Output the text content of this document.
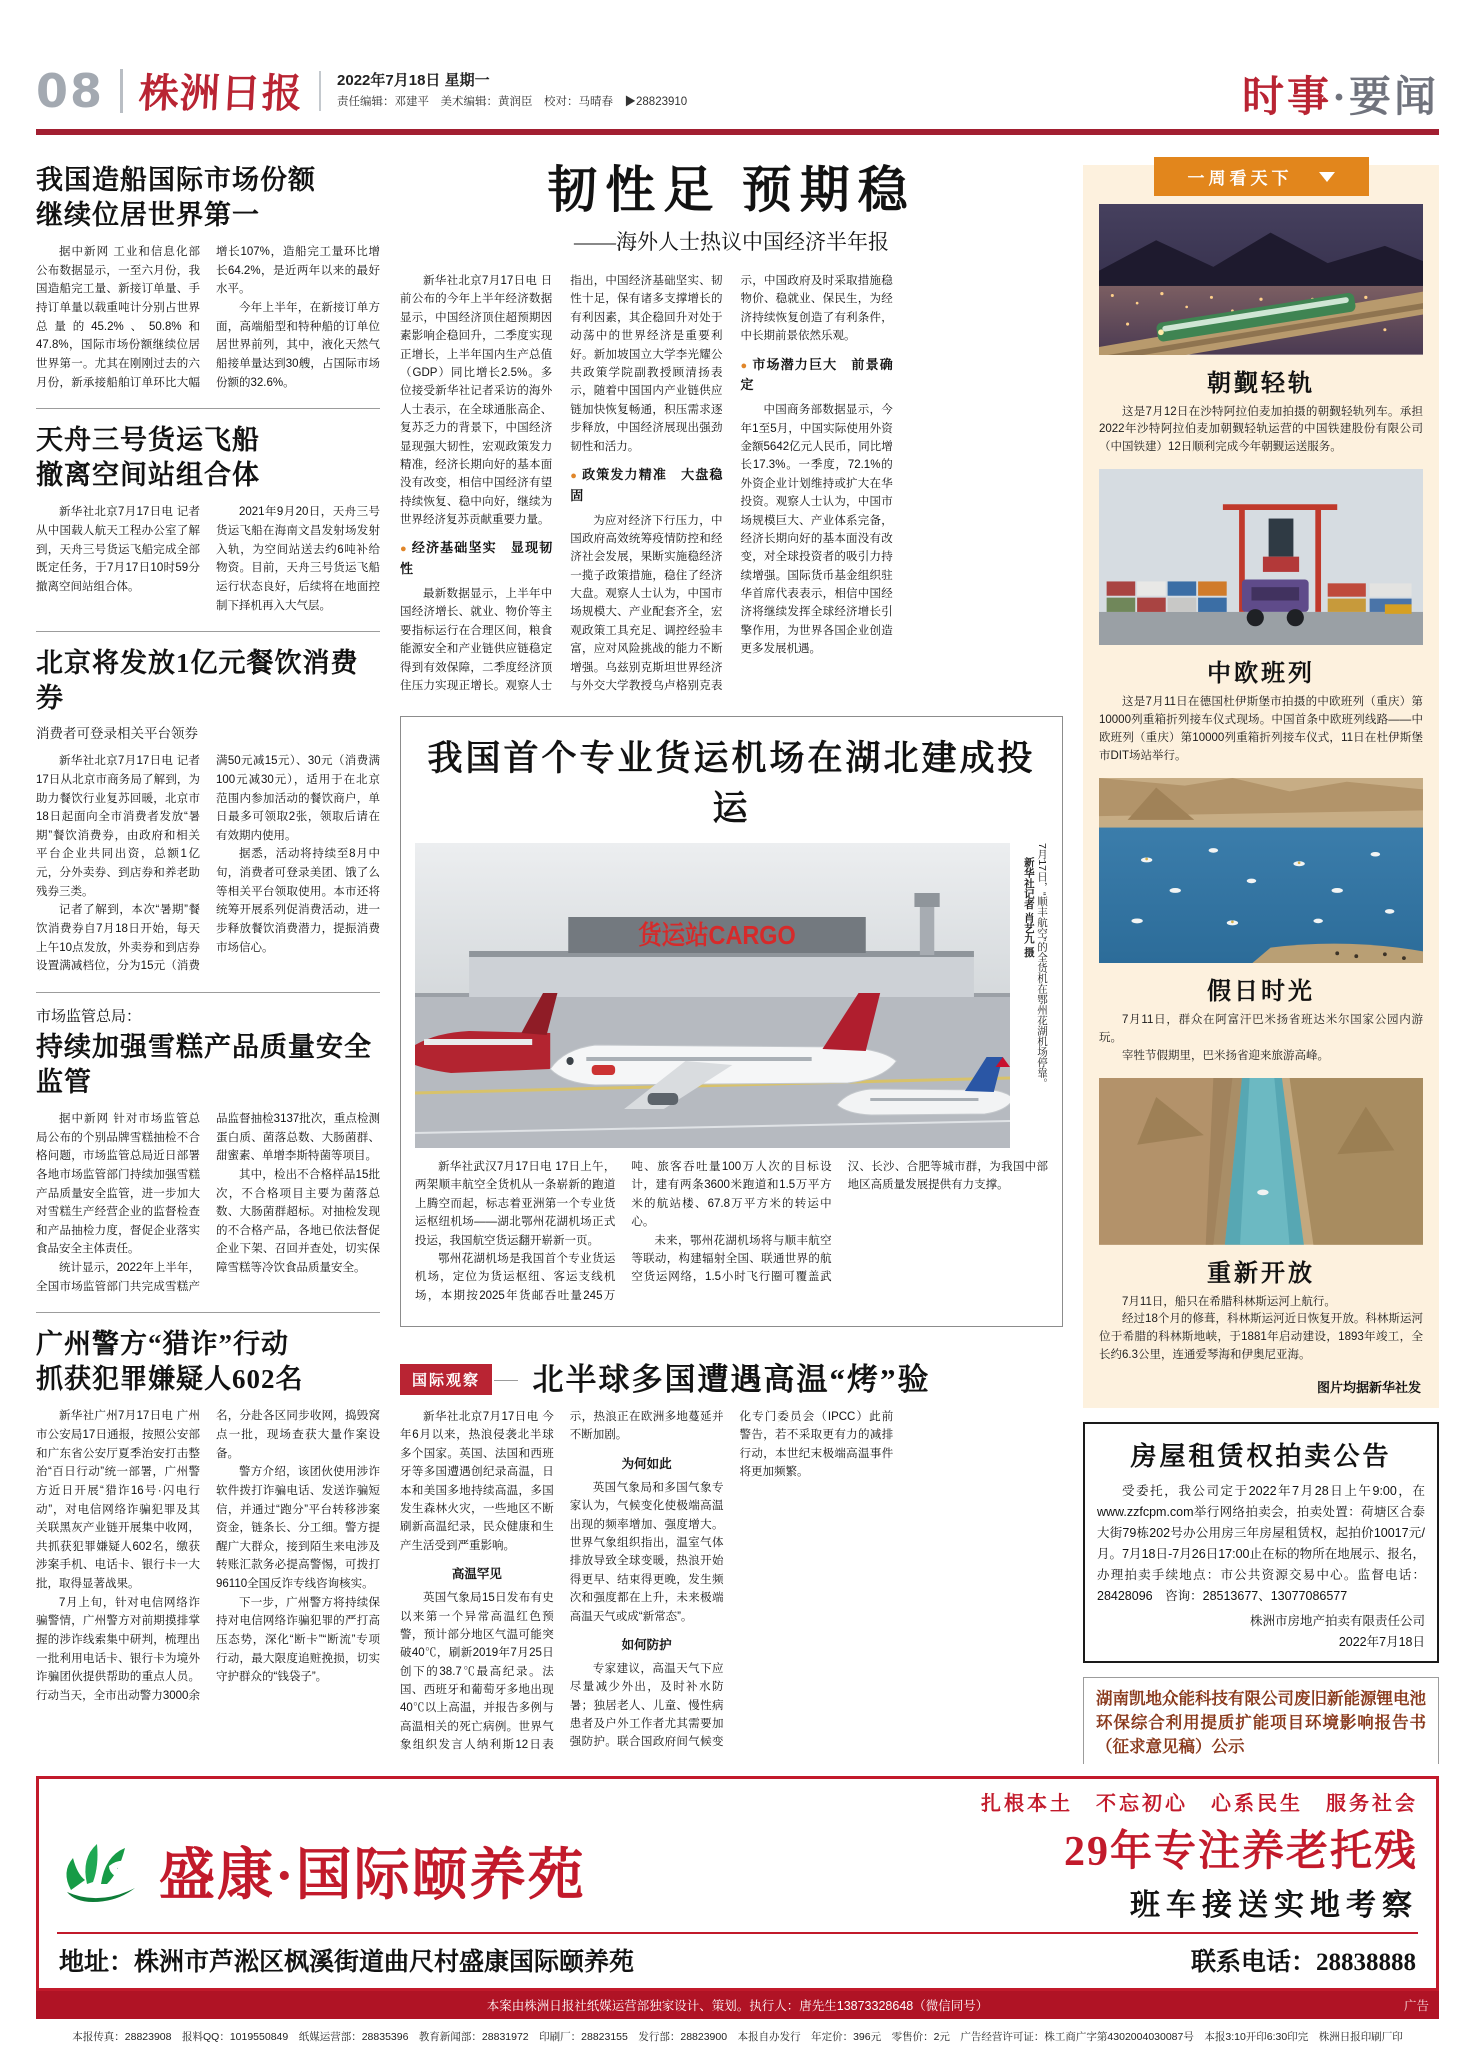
08 株洲日报 2022年7月18日 星期一
责任编辑：邓建平　美术编辑：黄润臣　校对：马晴春　▶28823910	时事·要闻
我国造船国际市场份额
继续位居世界第一

据中新网 工业和信息化部公布数据显示，一至六月份，我国造船完工量、新接订单量、手持订单量以载重吨计分别占世界总量的45.2%、50.8%和47.8%，国际市场份额继续位居世界第一。尤其在刚刚过去的六月份，新承接船舶订单环比大幅增长107%，造船完工量环比增长64.2%，是近两年以来的最好水平。

今年上半年，在新接订单方面，高端船型和特种船的订单位居世界前列，其中，液化天然气船接单量达到30艘，占国际市场份额的32.6%。

天舟三号货运飞船
撤离空间站组合体

新华社北京7月17日电 记者从中国载人航天工程办公室了解到，天舟三号货运飞船完成全部既定任务，于7月17日10时59分撤离空间站组合体。

2021年9月20日，天舟三号货运飞船在海南文昌发射场发射入轨，为空间站送去约6吨补给物资。目前，天舟三号货运飞船运行状态良好，后续将在地面控制下择机再入大气层。

北京将发放1亿元餐饮消费券
消费者可登录相关平台领券

新华社北京7月17日电 记者17日从北京市商务局了解到，为助力餐饮行业复苏回暖，北京市18日起面向全市消费者发放“暑期”餐饮消费券，由政府和相关平台企业共同出资，总额1亿元，分外卖券、到店券和养老助残券三类。

记者了解到，本次“暑期”餐饮消费券自7月18日开始，每天上午10点发放，外卖券和到店券设置满减档位，分为15元（消费满50元减15元）、30元（消费满100元减30元），适用于在北京范围内参加活动的餐饮商户，单日最多可领取2张，领取后请在有效期内使用。

据悉，活动将持续至8月中旬，消费者可登录美团、饿了么等相关平台领取使用。本市还将统筹开展系列促消费活动，进一步释放餐饮消费潜力，提振消费市场信心。

市场监管总局：
持续加强雪糕产品质量安全监管

据中新网 针对市场监管总局公布的个别品牌雪糕抽检不合格问题，市场监管总局近日部署各地市场监管部门持续加强雪糕产品质量安全监管，进一步加大对雪糕生产经营企业的监督检查和产品抽检力度，督促企业落实食品安全主体责任。

统计显示，2022年上半年，全国市场监管部门共完成雪糕产品监督抽检3137批次，重点检测蛋白质、菌落总数、大肠菌群、甜蜜素、单增李斯特菌等项目。

其中，检出不合格样品15批次，不合格项目主要为菌落总数、大肠菌群超标。对抽检发现的不合格产品，各地已依法督促企业下架、召回并查处，切实保障雪糕等冷饮食品质量安全。

广州警方“猎诈”行动
抓获犯罪嫌疑人602名

新华社广州7月17日电 广州市公安局17日通报，按照公安部和广东省公安厅夏季治安打击整治“百日行动”统一部署，广州警方近日开展“猎诈16号·闪电行动”，对电信网络诈骗犯罪及其关联黑灰产业链开展集中收网，共抓获犯罪嫌疑人602名，缴获涉案手机、电话卡、银行卡一大批，取得显著战果。

7月上旬，针对电信网络诈骗警情，广州警方对前期摸排掌握的涉诈线索集中研判，梳理出一批利用电话卡、银行卡为境外诈骗团伙提供帮助的重点人员。行动当天，全市出动警力3000余名，分赴各区同步收网，捣毁窝点一批，现场查获大量作案设备。

警方介绍，该团伙使用涉诈软件拨打诈骗电话、发送诈骗短信，并通过“跑分”平台转移涉案资金，链条长、分工细。警方提醒广大群众，接到陌生来电涉及转账汇款务必提高警惕，可拨打96110全国反诈专线咨询核实。

下一步，广州警方将持续保持对电信网络诈骗犯罪的严打高压态势，深化“断卡”“断流”专项行动，最大限度追赃挽损，切实守护群众的“钱袋子”。

韧性足 预期稳
——海外人士热议中国经济半年报

新华社北京7月17日电 日前公布的今年上半年经济数据显示，中国经济顶住超预期因素影响企稳回升，二季度实现正增长，上半年国内生产总值（GDP）同比增长2.5%。多位接受新华社记者采访的海外人士表示，在全球通胀高企、复苏乏力的背景下，中国经济显现强大韧性，宏观政策发力精准，经济长期向好的基本面没有改变，相信中国经济有望持续恢复、稳中向好，继续为世界经济复苏贡献重要力量。

● 经济基础坚实　显现韧性

最新数据显示，上半年中国经济增长、就业、物价等主要指标运行在合理区间，粮食能源安全和产业链供应链稳定得到有效保障，二季度经济顶住压力实现正增长。观察人士指出，中国经济基础坚实、韧性十足，保有诸多支撑增长的有利因素，其企稳回升对处于动荡中的世界经济是重要利好。新加坡国立大学李光耀公共政策学院副教授顾清扬表示，随着中国国内产业链供应链加快恢复畅通，积压需求逐步释放，中国经济展现出强劲韧性和活力。

● 政策发力精准　大盘稳固

为应对经济下行压力，中国政府高效统筹疫情防控和经济社会发展，果断实施稳经济一揽子政策措施，稳住了经济大盘。观察人士认为，中国市场规模大、产业配套齐全，宏观政策工具充足、调控经验丰富，应对风险挑战的能力不断增强。乌兹别克斯坦世界经济与外交大学教授乌卢格别克表示，中国政府及时采取措施稳物价、稳就业、保民生，为经济持续恢复创造了有利条件，中长期前景依然乐观。

● 市场潜力巨大　前景确定

中国商务部数据显示，今年1至5月，中国实际使用外资金额5642亿元人民币，同比增长17.3%。一季度，72.1%的外资企业计划维持或扩大在华投资。观察人士认为，中国市场规模巨大、产业体系完备，经济长期向好的基本面没有改变，对全球投资者的吸引力持续增强。国际货币基金组织驻华首席代表表示，相信中国经济将继续发挥全球经济增长引擎作用，为世界各国企业创造更多发展机遇。

我国首个专业货运机场在湖北建成投运
货运站CARGO	7月17日，“顺丰航空”的全货机在鄂州花湖机场停靠。
新华社记者 肖艺九 摄

新华社武汉7月17日电 17日上午，两架顺丰航空全货机从一条崭新的跑道上腾空而起，标志着亚洲第一个专业货运枢纽机场——湖北鄂州花湖机场正式投运，我国航空货运翻开崭新一页。

鄂州花湖机场是我国首个专业货运机场，定位为货运枢纽、客运支线机场，本期按2025年货邮吞吐量245万吨、旅客吞吐量100万人次的目标设计，建有两条3600米跑道和1.5万平方米的航站楼、67.8万平方米的转运中心。

未来，鄂州花湖机场将与顺丰航空等联动，构建辐射全国、联通世界的航空货运网络，1.5小时飞行圈可覆盖武汉、长沙、合肥等城市群，为我国中部地区高质量发展提供有力支撑。

国际观察	北半球多国遭遇高温“烤”验

新华社北京7月17日电 今年6月以来，热浪侵袭北半球多个国家。英国、法国和西班牙等多国遭遇创纪录高温，日本和美国多地持续高温，多国发生森林火灾，一些地区不断刷新高温纪录，民众健康和生产生活受到严重影响。

高温罕见

英国气象局15日发布有史以来第一个异常高温红色预警，预计部分地区气温可能突破40℃，刷新2019年7月25日创下的38.7℃最高纪录。法国、西班牙和葡萄牙多地出现40℃以上高温，并报告多例与高温相关的死亡病例。世界气象组织发言人纳利斯12日表示，热浪正在欧洲多地蔓延并不断加剧。

为何如此

英国气象局和多国气象专家认为，气候变化使极端高温出现的频率增加、强度增大。世界气象组织指出，温室气体排放导致全球变暖，热浪开始得更早、结束得更晚，发生频次和强度都在上升，未来极端高温天气或成“新常态”。

如何防护

专家建议，高温天气下应尽量减少外出，及时补水防暑；独居老人、儿童、慢性病患者及户外工作者尤其需要加强防护。联合国政府间气候变化专门委员会（IPCC）此前警告，若不采取更有力的减排行动，本世纪末极端高温事件将更加频繁。

一周看天下
朝觐轻轨

这是7月12日在沙特阿拉伯麦加拍摄的朝觐轻轨列车。承担2022年沙特阿拉伯麦加朝觐轻轨运营的中国铁建股份有限公司（中国铁建）12日顺利完成今年朝觐运送服务。

中欧班列

这是7月11日在德国杜伊斯堡市拍摄的中欧班列（重庆）第10000列重箱折列接车仪式现场。中国首条中欧班列线路——中欧班列（重庆）第10000列重箱折列接车仪式，11日在杜伊斯堡市DIT场站举行。

假日时光

7月11日，群众在阿富汗巴米扬省班达米尔国家公园内游玩。

宰牲节假期里，巴米扬省迎来旅游高峰。

重新开放

7月11日，船只在希腊科林斯运河上航行。

经过18个月的修葺，科林斯运河近日恢复开放。科林斯运河位于希腊的科林斯地峡，于1881年启动建设，1893年竣工，全长约6.3公里，连通爱琴海和伊奥尼亚海。

图片均据新华社发
房屋租赁权拍卖公告

受委托，我公司定于2022年7月28日上午9:00，在www.zzfcpm.com举行网络拍卖会，拍卖处置：荷塘区合泰大街79栋202号办公用房三年房屋租赁权，起拍价10017元/月。7月18日-7月26日17:00止在标的物所在地展示、报名，办理拍卖手续地点：市公共资源交易中心。监督电话：28428096　咨询：28513677、13077086577

株洲市房地产拍卖有限责任公司
2022年7月18日
湖南凯地众能科技有限公司废旧新能源锂电池环保综合利用提质扩能项目环境影响报告书（征求意见稿）公示

扎根本土　不忘初心　心系民生　服务社会
盛康·国际颐养苑	29年专注养老托残
班车接送实地考察
地址：株洲市芦淞区枫溪街道曲尺村盛康国际颐养苑	联系电话：28838888
本案由株洲日报社纸媒运营部独家设计、策划。执行人：唐先生13873328648（微信同号）	广告
本报传真：28823908　报料QQ：1019550849　纸媒运营部：28835396　教育新闻部：28831972　印刷厂：28823155　发行部：28823900　本报自办发行　年定价：396元　零售价：2元　广告经营许可证：株工商广字第4302004030087号　本报3:10开印6:30印完　株洲日报印刷厂印
